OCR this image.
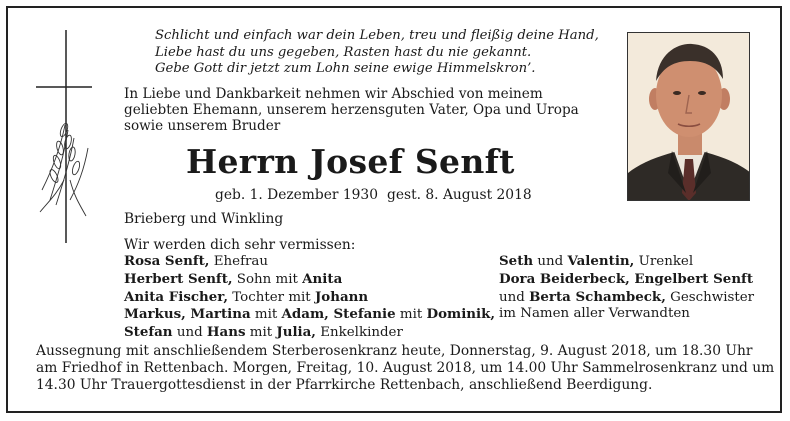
Schlicht und einfach war dein Leben, treu und fleißig deine Hand,
Liebe hast du uns gegeben, Rasten hast du nie gekannt.
Gebe Gott dir jetzt zum Lohn seine ewige Himmelskron’.
In Liebe und Dankbarkeit nehmen wir Abschied von meinem
geliebten Ehemann, unserem herzensguten Vater, Opa und Uropa
sowie unserem Bruder
Herrn Josef Senft
geb. 1. Dezember 1930 gest. 8. August 2018
Brieberg und Winkling
Wir werden dich sehr vermissen:
Rosa Senft, Ehefrau
Herbert Senft, Sohn mit Anita
Anita Fischer, Tochter mit Johann
Markus, Martina mit Adam, Stefanie mit Dominik,
Stefan und Hans mit Julia, Enkelkinder
Seth und Valentin, Urenkel
Dora Beiderbeck, Engelbert Senft
und Berta Schambeck, Geschwister
im Namen aller Verwandten
Aussegnung mit anschließendem Sterberosenkranz heute, Donnerstag, 9. August 2018, um 18.30 Uhr
am Friedhof in Rettenbach. Morgen, Freitag, 10. August 2018, um 14.00 Uhr Sammelrosenkranz und um
14.30 Uhr Trauergottesdienst in der Pfarrkirche Rettenbach, anschließend Beerdigung.
